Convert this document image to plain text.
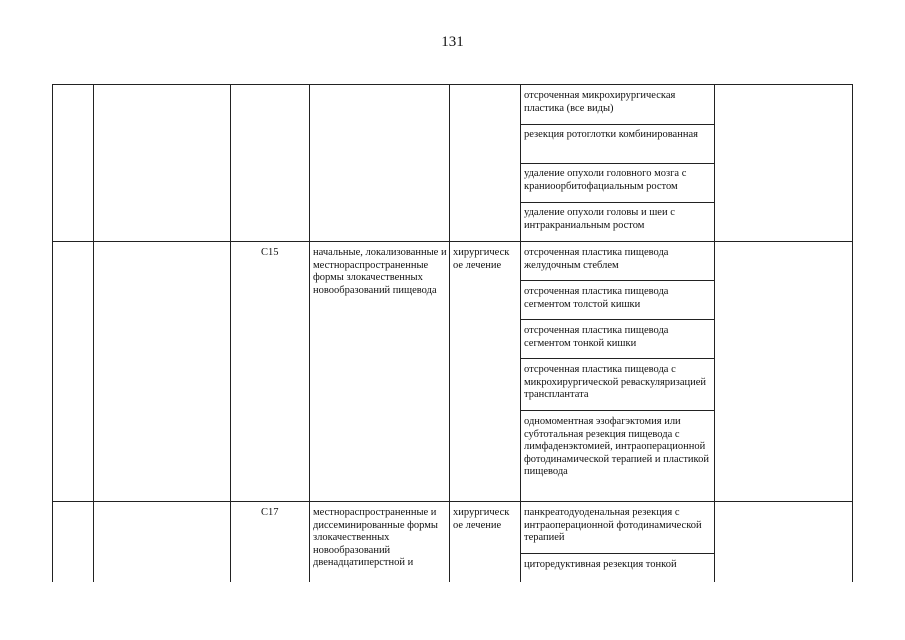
131
отсроченная микрохирургическая пластика (все виды)
резекция ротоглотки комбинированная
удаление опухоли головного мозга с краниоорбитофациальным ростом
удаление опухоли головы и шеи с интракраниальным ростом
C15	начальные, локализованные и местнораспространенные формы злокачественных новообразований пищевода
хирургическ ое лечение
отсроченная пластика пищевода желудочным стеблем
отсроченная пластика пищевода сегментом толстой кишки
отсроченная пластика пищевода сегментом тонкой кишки
отсроченная пластика пищевода с микрохирургической реваскуляризацией трансплантата
одномоментная эзофагэктомия или субтотальная резекция пищевода с лимфаденэктомией, интраоперационной фотодинамической терапией и пластикой пищевода
C17	местнораспространенные и диссеминированные формы злокачественных новообразований двенадцатиперстной и
хирургическ ое лечение
панкреатодуоденальная резекция с интраоперационной фотодинамической терапией
циторедуктивная резекция тонкой
